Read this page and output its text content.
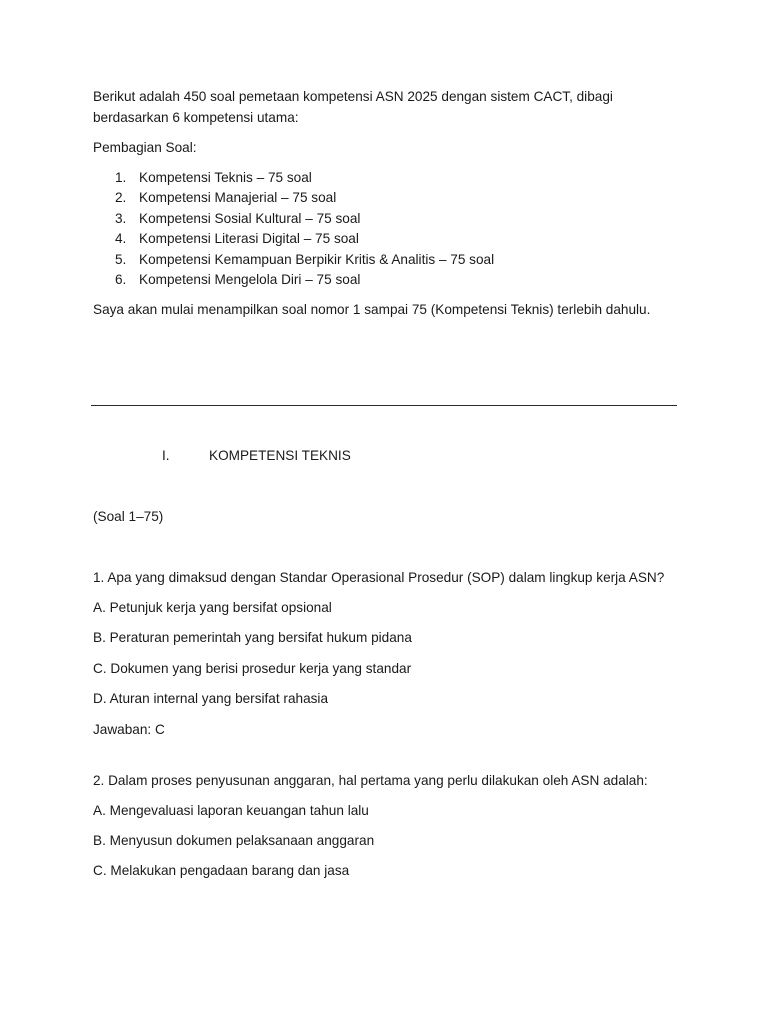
Berikut adalah 450 soal pemetaan kompetensi ASN 2025 dengan sistem CACT, dibagi berdasarkan 6 kompetensi utama:

Pembagian Soal:

1. Kompetensi Teknis – 75 soal
2. Kompetensi Manajerial – 75 soal
3. Kompetensi Sosial Kultural – 75 soal
4. Kompetensi Literasi Digital – 75 soal
5. Kompetensi Kemampuan Berpikir Kritis & Analitis – 75 soal
6. Kompetensi Mengelola Diri – 75 soal

Saya akan mulai menampilkan soal nomor 1 sampai 75 (Kompetensi Teknis) terlebih dahulu.

I.	KOMPETENSI TEKNIS

(Soal 1–75)

1. Apa yang dimaksud dengan Standar Operasional Prosedur (SOP) dalam lingkup kerja ASN?

A. Petunjuk kerja yang bersifat opsional

B. Peraturan pemerintah yang bersifat hukum pidana

C. Dokumen yang berisi prosedur kerja yang standar

D. Aturan internal yang bersifat rahasia

Jawaban: C

2. Dalam proses penyusunan anggaran, hal pertama yang perlu dilakukan oleh ASN adalah:

A. Mengevaluasi laporan keuangan tahun lalu

B. Menyusun dokumen pelaksanaan anggaran

C. Melakukan pengadaan barang dan jasa
